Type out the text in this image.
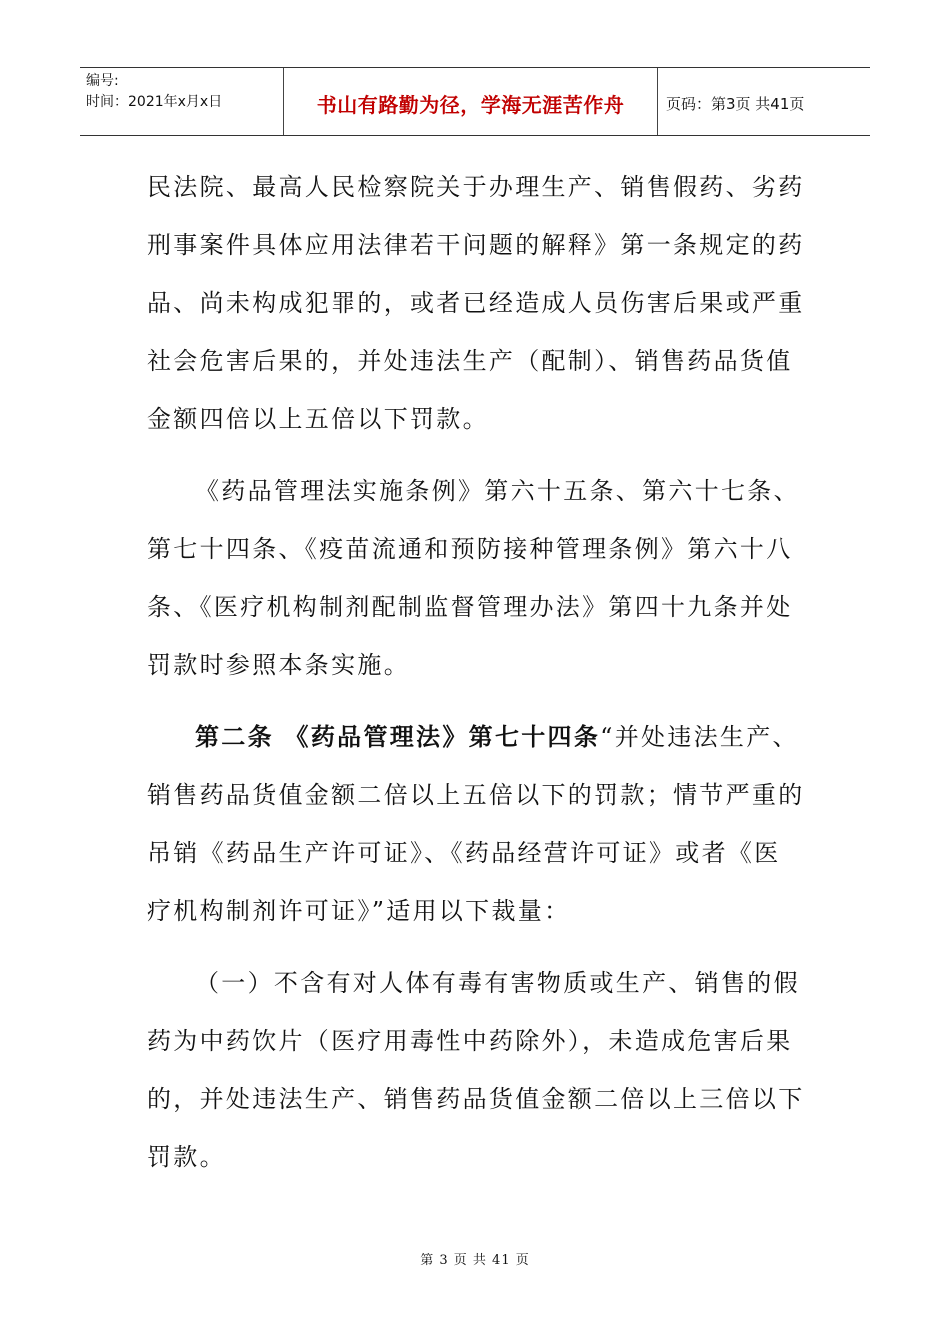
编号:
时间：2021年x月x日	书山有路勤为径，学海无涯苦作舟	页码：第3页 共41页
民法院、最高人民检察院关于办理生产、销售假药、劣药
刑事案件具体应用法律若干问题的解释》第一条规定的药
品、尚未构成犯罪的，或者已经造成人员伤害后果或严重
社会危害后果的，并处违法生产（配制）、销售药品货值
金额四倍以上五倍以下罚款。
《药品管理法实施条例》第六十五条、第六十七条、
第七十四条、《疫苗流通和预防接种管理条例》第六十八
条、《医疗机构制剂配制监督管理办法》第四十九条并处
罚款时参照本条实施。
第二条 《药品管理法》第七十四条“并处违法生产、
销售药品货值金额二倍以上五倍以下的罚款；情节严重的
吊销《药品生产许可证》、《药品经营许可证》或者《医
疗机构制剂许可证》”适用以下裁量：
（一）不含有对人体有毒有害物质或生产、销售的假
药为中药饮片（医疗用毒性中药除外），未造成危害后果
的，并处违法生产、销售药品货值金额二倍以上三倍以下
罚款。
第 3 页 共 41 页
